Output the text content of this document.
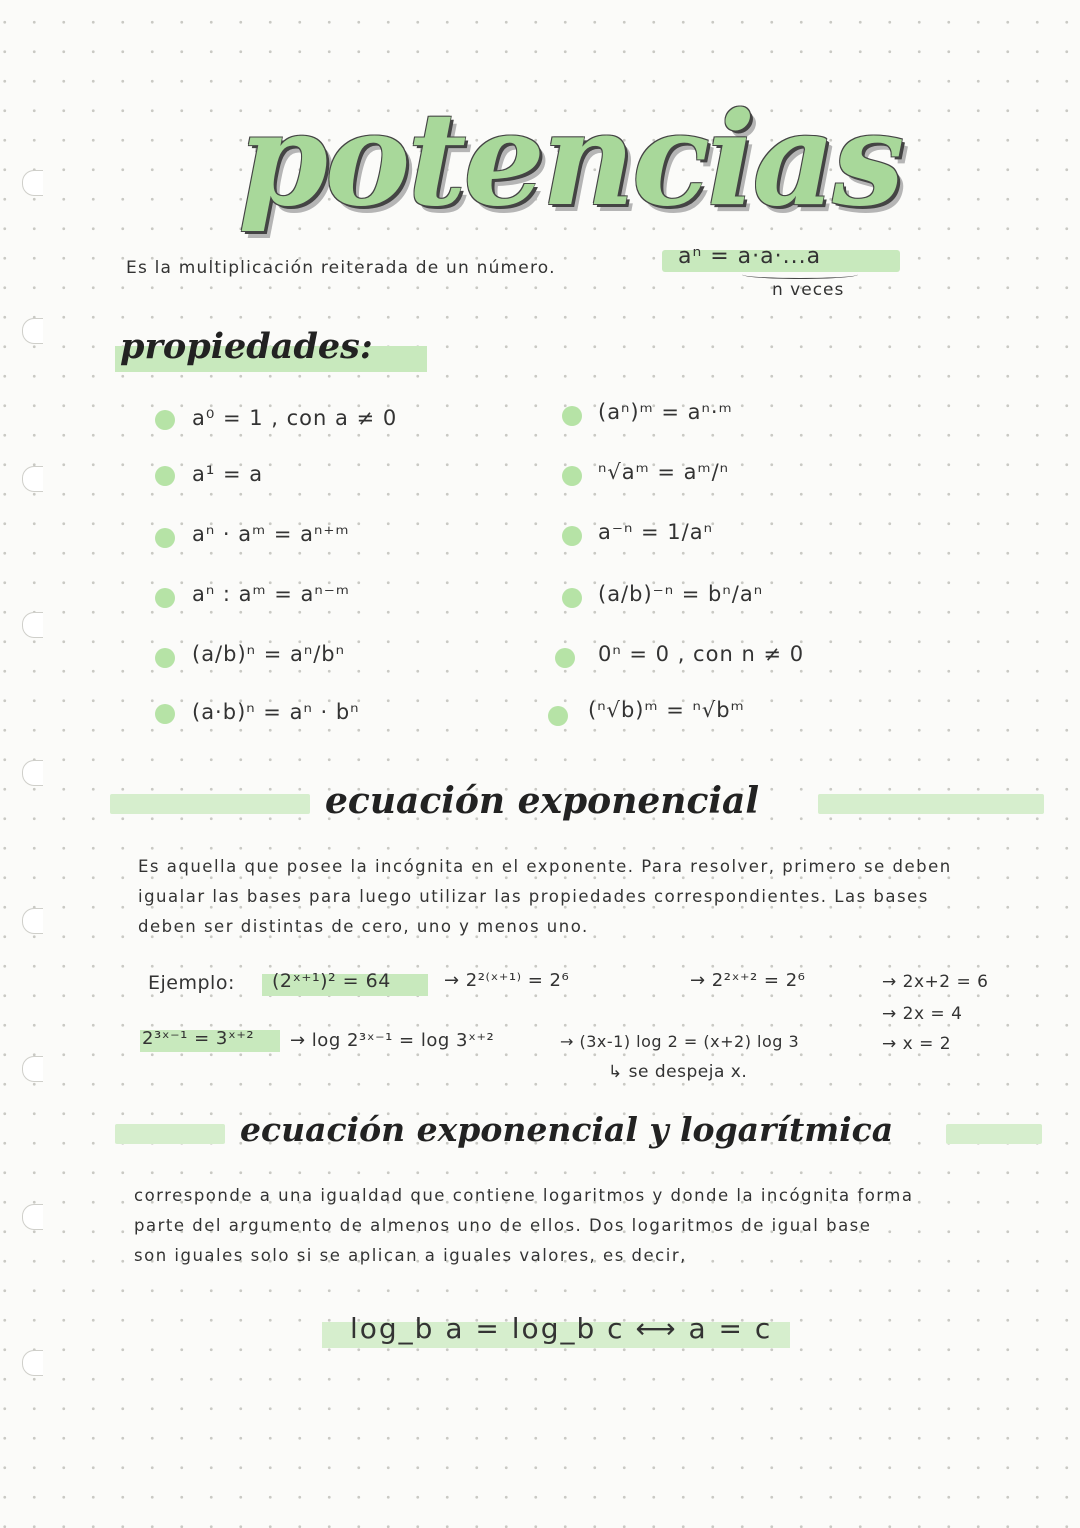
potencias
Es la multiplicación reiterada de un número.	aⁿ = a·a·...a
n veces
propiedades:
a⁰ = 1 , con a ≠ 0
a¹ = a
aⁿ · aᵐ = aⁿ⁺ᵐ
aⁿ : aᵐ = aⁿ⁻ᵐ
(a/b)ⁿ = aⁿ/bⁿ
(a·b)ⁿ = aⁿ · bⁿ
(aⁿ)ᵐ = aⁿ·ᵐ
ⁿ√aᵐ = aᵐ/ⁿ
a⁻ⁿ = 1/aⁿ
(a/b)⁻ⁿ = bⁿ/aⁿ
0ⁿ = 0 , con n ≠ 0
(ⁿ√b)ᵐ = ⁿ√bᵐ
ecuación exponencial
Es aquella que posee la incógnita en el exponente. Para resolver, primero se deben
igualar las bases para luego utilizar las propiedades correspondientes. Las bases
deben ser distintas de cero, uno y menos uno.
Ejemplo: (2ˣ⁺¹)² = 64	→ 2²⁽ˣ⁺¹⁾ = 2⁶	→ 2²ˣ⁺² = 2⁶	→ 2x+2 = 6
→ 2x = 4
→ x = 2
2³ˣ⁻¹ = 3ˣ⁺² → log 2³ˣ⁻¹ = log 3ˣ⁺²	→ (3x-1) log 2 = (x+2) log 3
↳ se despeja x.
ecuación exponencial y logarítmica
corresponde a una igualdad que contiene logaritmos y donde la incógnita forma
parte del argumento de almenos uno de ellos. Dos logaritmos de igual base
son iguales solo si se aplican a iguales valores, es decir,
log_b a = log_b c ⟷ a = c
